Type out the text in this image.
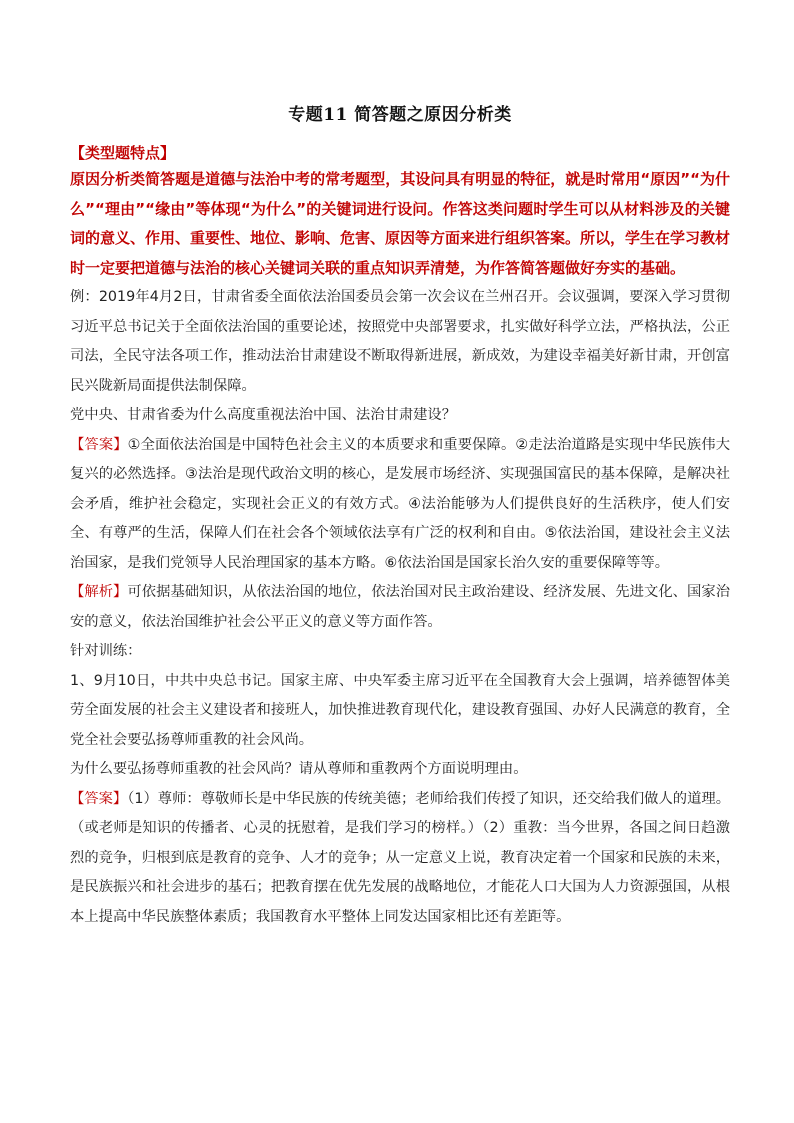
专题11 简答题之原因分析类
【类型题特点】

原因分析类简答题是道德与法治中考的常考题型，其设问具有明显的特征，就是时常用“原因”“为什么”“理由”“缘由”等体现“为什么”的关键词进行设问。作答这类问题时学生可以从材料涉及的关键词的意义、作用、重要性、地位、影响、危害、原因等方面来进行组织答案。所以，学生在学习教材时一定要把道德与法治的核心关键词关联的重点知识弄清楚，为作答简答题做好夯实的基础。

例：2019年4月2日，甘肃省委全面依法治国委员会第一次会议在兰州召开。会议强调，要深入学习贯彻习近平总书记关于全面依法治国的重要论述，按照党中央部署要求，扎实做好科学立法，严格执法，公正司法，全民守法各项工作，推动法治甘肃建设不断取得新进展，新成效，为建设幸福美好新甘肃，开创富民兴陇新局面提供法制保障。

党中央、甘肃省委为什么高度重视法治中国、法治甘肃建设？

【答案】①全面依法治国是中国特色社会主义的本质要求和重要保障。②走法治道路是实现中华民族伟大复兴的必然选择。③法治是现代政治文明的核心，是发展市场经济、实现强国富民的基本保障，是解决社会矛盾，维护社会稳定，实现社会正义的有效方式。④法治能够为人们提供良好的生活秩序，使人们安全、有尊严的生活，保障人们在社会各个领域依法享有广泛的权利和自由。⑤依法治国，建设社会主义法治国家，是我们党领导人民治理国家的基本方略。⑥依法治国是国家长治久安的重要保障等等。

【解析】可依据基础知识，从依法治国的地位，依法治国对民主政治建设、经济发展、先进文化、国家治安的意义，依法治国维护社会公平正义的意义等方面作答。

针对训练：

1、9月10日，中共中央总书记。国家主席、中央军委主席习近平在全国教育大会上强调，培养德智体美劳全面发展的社会主义建设者和接班人，加快推进教育现代化，建设教育强国、办好人民满意的教育，全党全社会要弘扬尊师重教的社会风尚。

为什么要弘扬尊师重教的社会风尚？请从尊师和重教两个方面说明理由。

【答案】（1）尊师：尊敬师长是中华民族的传统美德；老师给我们传授了知识，还交给我们做人的道理。（或老师是知识的传播者、心灵的抚慰着，是我们学习的榜样。）（2）重教：当今世界，各国之间日趋激烈的竞争，归根到底是教育的竞争、人才的竞争；从一定意义上说，教育决定着一个国家和民族的未来，是民族振兴和社会进步的基石；把教育摆在优先发展的战略地位，才能花人口大国为人力资源强国，从根本上提高中华民族整体素质；我国教育水平整体上同发达国家相比还有差距等。
